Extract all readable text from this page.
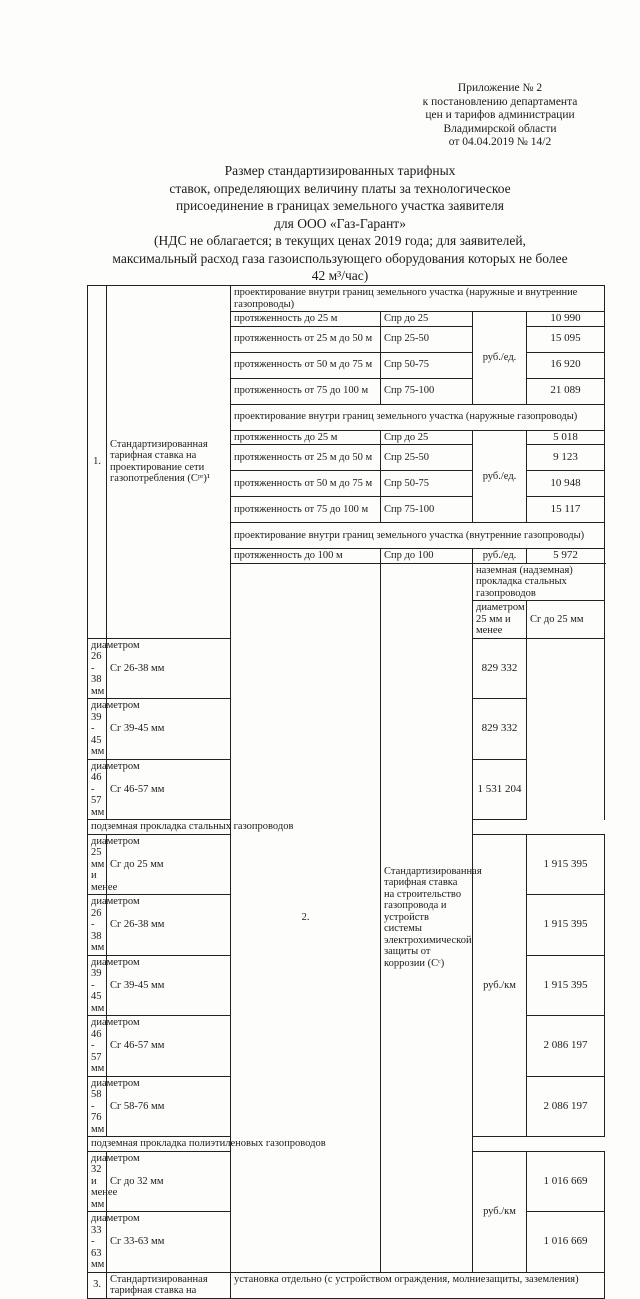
Приложение № 2
к постановлению департамента
цен и тарифов администрации
Владимирской области
от 04.04.2019 № 14/2
Размер стандартизированных тарифных
ставок, определяющих величину платы за технологическое
присоединение в границах земельного участка заявителя
для ООО «Газ-Гарант»
(НДС не облагается; в текущих ценах 2019 года; для заявителей,
максимальный расход газа газоиспользующего оборудования которых не более
42 м³/час)
1.	Стандартизированная тарифная ставка на проектирование сети газопотребления (Cᵖʳ)¹	проектирование внутри границ земельного участка (наружные и внутренние газопроводы)				
		протяженность до 25 м	Спр до 25	руб./ед.	10 990	
		протяженность от 25 м до 50 м	Спр 25-50		15 095	
		протяженность от 50 м до 75 м	Спр 50-75		16 920	
		протяженность от 75 до 100 м	Спр 75-100		21 089	
		проектирование внутри границ земельного участка (наружные газопроводы)				
		протяженность до 25 м	Спр до 25	руб./ед.	5 018	
		протяженность от 25 м до 50 м	Спр 25-50		9 123	
		протяженность от 50 м до 75 м	Спр 50-75		10 948	
		протяженность от 75 до 100 м	Спр 75-100		15 117	
		проектирование внутри границ земельного участка (внутренние газопроводы)				
		протяженность до 100 м	Спр до 100	руб./ед.	5 972	
		2.	Стандартизированная тарифная ставка на строительство газопровода и устройств системы электрохимической защиты от коррозии (Cᶜ)	наземная (надземная) прокладка стальных газопроводов		
				диаметром 25 мм и менее	Сг до 25 мм		
диаметром 26 - 38 мм	Сг 26-38 мм			829 332		
диаметром 39 - 45 мм	Сг 39-45 мм			829 332		
диаметром 46 - 57 мм	Сг 46-57 мм			1 531 204		
подземная прокладка стальных газопроводов						
диаметром 25 мм и менее	Сг до 25 мм			руб./км	1 915 395	
диаметром 26 - 38 мм	Сг 26-38 мм				1 915 395	
диаметром 39 - 45 мм	Сг 39-45 мм				1 915 395	
диаметром 46 - 57 мм	Сг 46-57 мм				2 086 197	
диаметром 58 - 76 мм	Сг 58-76 мм				2 086 197	
подземная прокладка полиэтиленовых газопроводов						
диаметром 32 и менее мм	Сг до 32 мм			руб./км	1 016 669	
диаметром 33 - 63 мм	Сг 33-63 мм				1 016 669	
3.	Стандартизированная тарифная ставка на	установка отдельно (с устройством ограждения, молниезащиты, заземления)				
